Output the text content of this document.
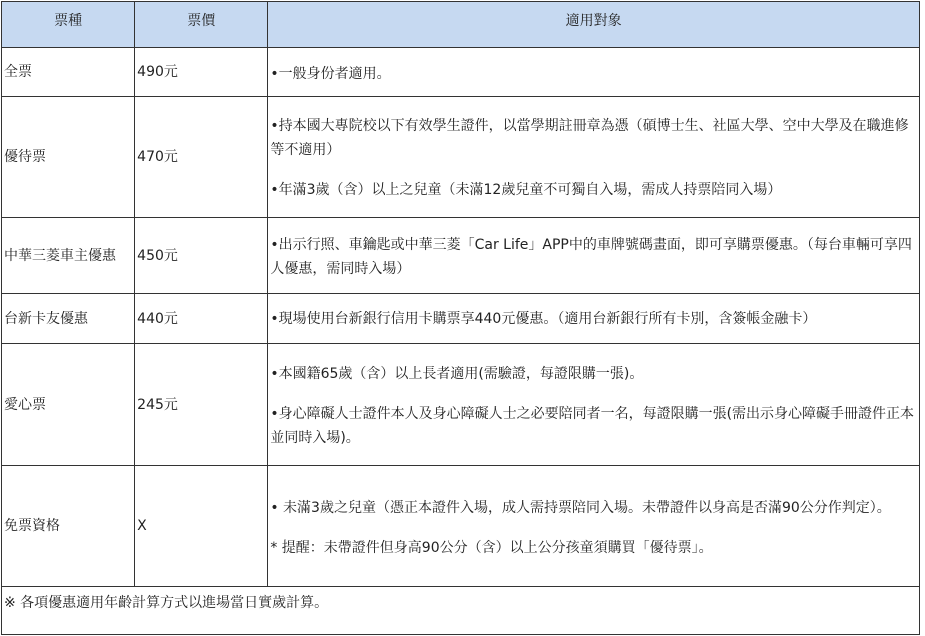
票種	票價	適用對象
全票	490元	•一般身份者適用。

優待票	470元	•持本國大專院校以下有效學生證件，以當學期註冊章為憑（碩博士生、社區大學、空中大學及在職進修等不適用）

•年滿3歲（含）以上之兒童（未滿12歲兒童不可獨自入場，需成人持票陪同入場）

中華三菱車主優惠	450元	•出示行照、車鑰匙或中華三菱「Car Life」APP中的車牌號碼畫面，即可享購票優惠。（每台車輛可享四人優惠，需同時入場）

台新卡友優惠	440元	•現場使用台新銀行信用卡購票享440元優惠。（適用台新銀行所有卡別，含簽帳金融卡）

愛心票	245元	•本國籍65歲（含）以上長者適用(需驗證，每證限購一張)。

•身心障礙人士證件本人及身心障礙人士之必要陪同者一名，每證限購一張(需出示身心障礙手冊證件正本並同時入場)。

免票資格	X	• 未滿3歲之兒童（憑正本證件入場，成人需持票陪同入場。未帶證件以身高是否滿90公分作判定）。

* 提醒：未帶證件但身高90公分（含）以上公分孩童須購買「優待票」。

※ 各項優惠適用年齡計算方式以進場當日實歲計算。		
